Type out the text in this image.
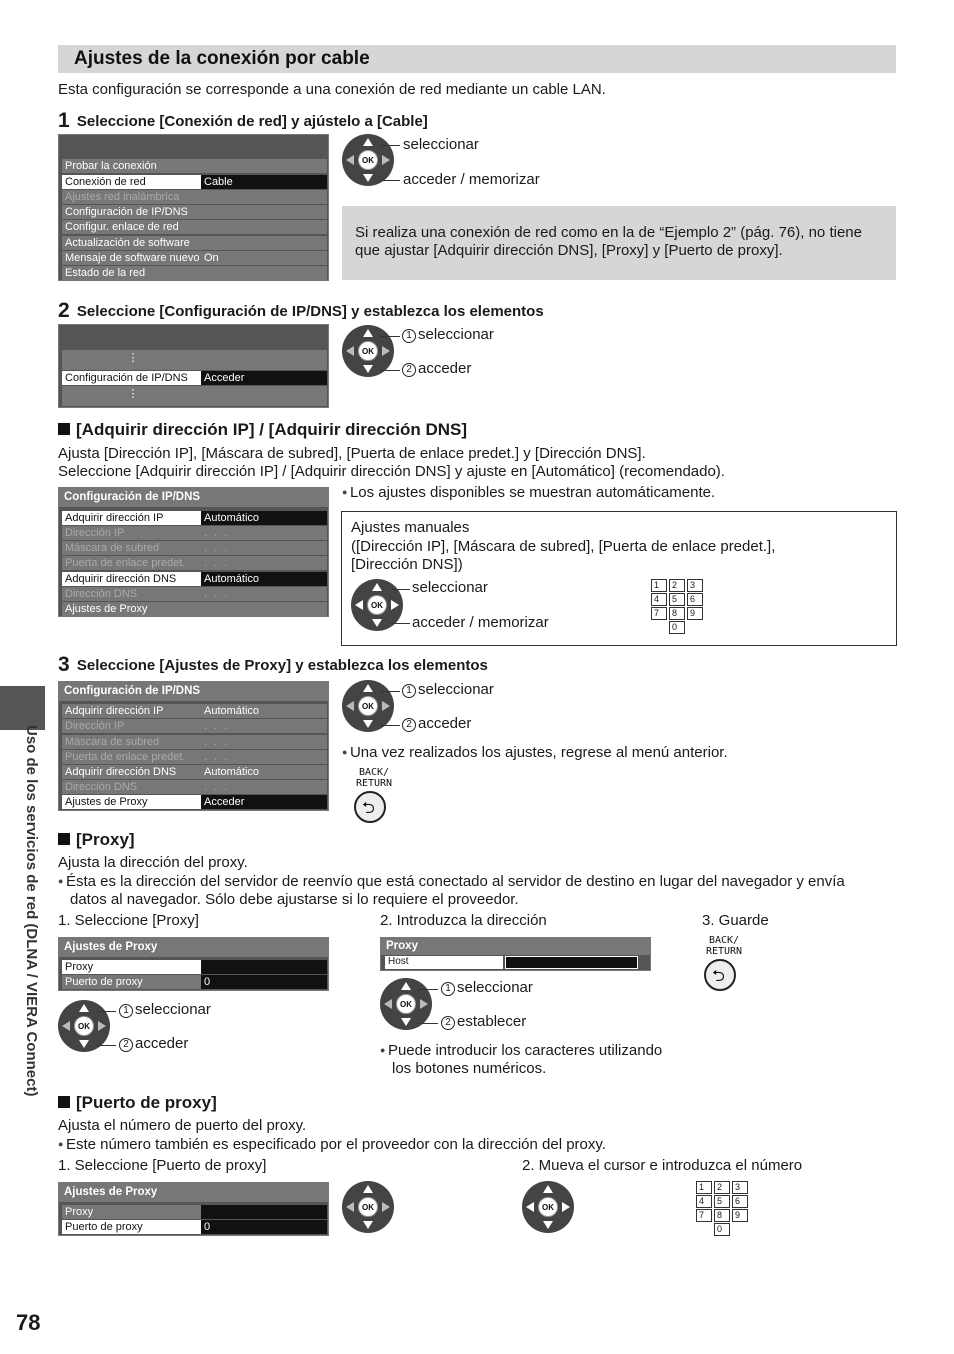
Ajustes de la conexión por cable
Esta configuración se corresponde a una conexión de red mediante un cable LAN.
1 Seleccione [Conexión de red] y ajústelo a [Cable]
Probar la conexión
Conexión de red	Cable
Ajustes red inalámbrica
Configuración de IP/DNS
Configur. enlace de red
Actualización de software
Mensaje de software nuevo On
Estado de la red
OK
seleccionar
acceder / memorizar
Si realiza una conexión de red como en la de “Ejemplo 2” (pág. 76), no tiene que ajustar [Adquirir dirección DNS], [Proxy] y [Puerto de proxy].
2 Seleccione [Configuración de IP/DNS] y establezca los elementos
⋮
Configuración de IP/DNS	Acceder
⋮
OK
1 seleccionar
2 acceder
[Adquirir dirección IP] / [Adquirir dirección DNS]
Ajusta [Dirección IP], [Máscara de subred], [Puerta de enlace predet.] y [Dirección DNS].
Seleccione [Adquirir dirección IP] / [Adquirir dirección DNS] y ajuste en [Automático] (recomendado).
Configuración de IP/DNS
Adquirir dirección IP	Automático
Dirección IP	. . .
Máscara de subred	. . .
Puerta de enlace predet.	. . .
Adquirir dirección DNS	Automático
Dirección DNS	. . .
Ajustes de Proxy
● Los ajustes disponibles se muestran automáticamente.
Ajustes manuales
([Dirección IP], [Máscara de subred], [Puerta de enlace predet.],
[Dirección DNS])
OK
seleccionar
acceder / memorizar
1	2	3
4	5	6
7	8	9
0
3 Seleccione [Ajustes de Proxy] y establezca los elementos
Configuración de IP/DNS
Adquirir dirección IP	Automático
Dirección IP	. . .
Máscara de subred	. . .
Puerta de enlace predet.	. . .
Adquirir dirección DNS	Automático
Dirección DNS	. . .
Ajustes de Proxy	Acceder
OK
1 seleccionar
2 acceder
● Una vez realizados los ajustes, regrese al menú anterior.
BACK/
RETURN
⮌
[Proxy]
Ajusta la dirección del proxy.
● Ésta es la dirección del servidor de reenvío que está conectado al servidor de destino en lugar del navegador y envía
datos al navegador. Sólo debe ajustarse si lo requiere el proveedor.
1. Seleccione [Proxy]	2. Introduzca la dirección	3. Guarde
Ajustes de Proxy
Proxy
Puerto de proxy	0
OK
1 seleccionar
2 acceder
Proxy
Host
OK
1 seleccionar
2 establecer
● Puede introducir los caracteres utilizando
los botones numéricos.
BACK/
RETURN
⮌
[Puerto de proxy]
Ajusta el número de puerto del proxy.
● Este número también es especificado por el proveedor con la dirección del proxy.
1. Seleccione [Puerto de proxy]	2. Mueva el cursor e introduzca el número
Ajustes de Proxy
Proxy
Puerto de proxy	0
OK	OK
1	2	3
4	5	6
7	8	9
0
Uso de los servicios de red (DLNA / VIERA Connect)
78
